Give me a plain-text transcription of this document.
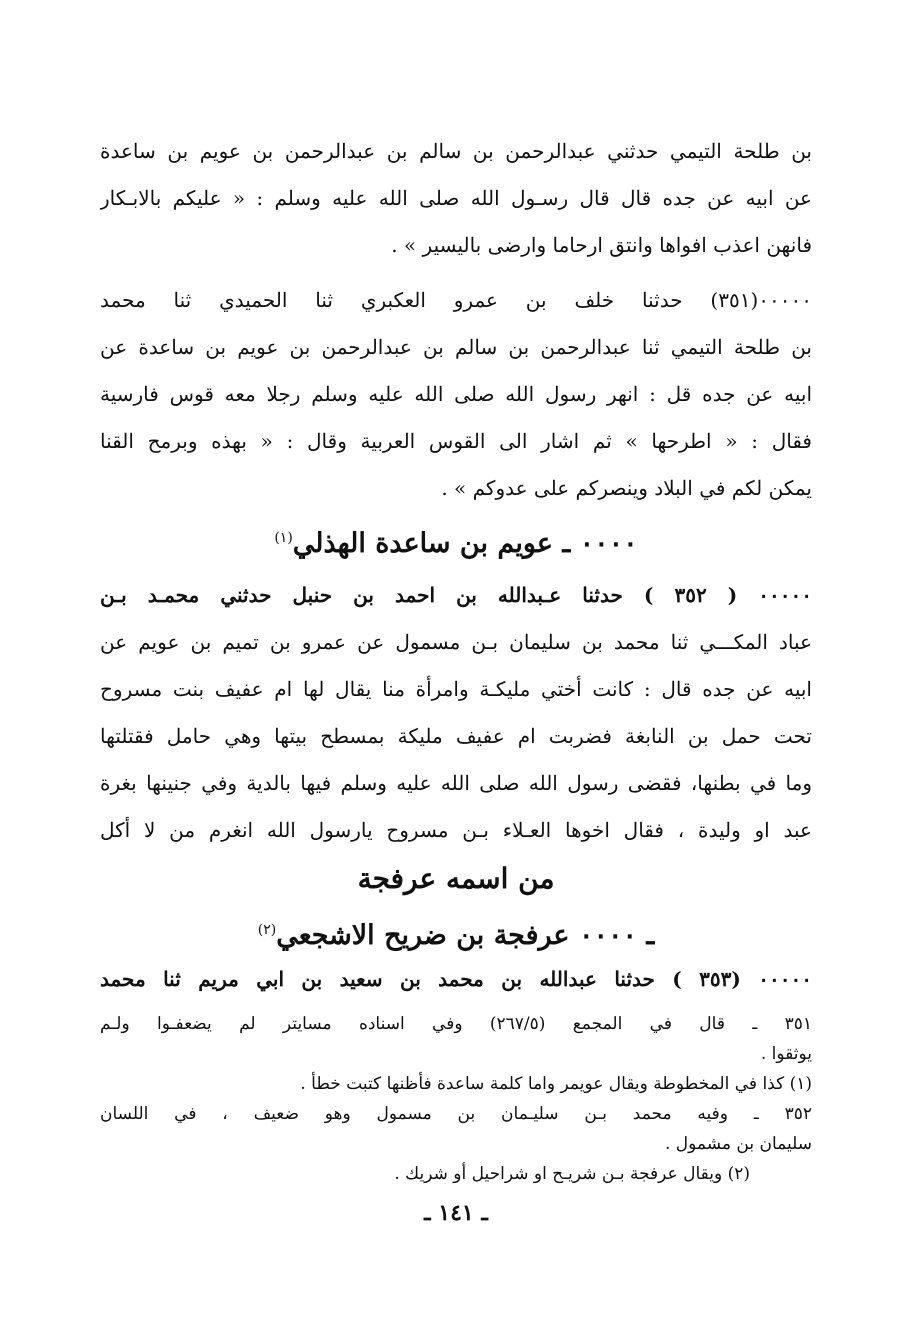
بن طلحة التيمي حدثني عبدالرحمن بن سالم بن عبدالرحمن بن عويم بن ساعدة
عن ابيه عن جده قال قال رسـول الله صلى الله عليه وسلم : « عليكم بالابـكار
فانهن اعذب افواها وانتق ارحاما وارضى باليسير » .
٠٠٠٠٠(٣٥١) حدثنا خلف بن عمرو العكبري ثنا الحميدي ثنا محمد
بن طلحة التيمي ثنا عبدالرحمن بن سالم بن عبدالرحمن بن عويم بن ساعدة عن
ابيه عن جده قل : انهر رسول الله صلى الله عليه وسلم رجلا معه قوس فارسية
فقال : « اطرحها » ثم اشار الى القوس العربية وقال : « بهذه وبرمح القنا
يمكن لكم في البلاد وينصركم على عدوكم » .
٠٠٠٠ ـ عويم بن ساعدة الهذلي$^{(١)}$
٠٠٠٠٠ ( ٣٥٢ ) حدثنا عـبدالله بن احمد بن حنبل حدثني محمـد بـن
عباد المكـــي ثنا محمد بن سليمان بـن مسمول عن عمرو بن تميم بن عويم عن
ابيه عن جده قال : كانت أختي مليكـة وامرأة منا يقال لها ام عفيف بنت مسروح
تحت حمل بن النابغة فضربت ام عفيف مليكة بمسطح بيتها وهي حامل فقتلتها
وما في بطنها، فقضى رسول الله صلى الله عليه وسلم فيها بالدية وفي جنينها بغرة
عبد او وليدة ، فقال اخوها العـلاء بـن مسروح يارسول الله انغرم من لا أكل
من اسمه عرفجة
ـ ٠٠٠٠ عرفجة بن ضريح الاشجعي$^{(٢)}$
٠٠٠٠٠ (٣٥٣ ) حدثنا عبدالله بن محمد بن سعيد بن ابي مريم ثنا محمد
٣٥١ ـ قال في المجمع (٢٦٧/٥) وفي اسناده مسايتر لم يضعفـوا ولـم
يوثقوا .
(١) كذا في المخطوطة ويقال عويمر واما كلمة ساعدة فأظنها كتبت خطأ .
٣٥٢ ـ وفيه محمد بـن سليـمان بن مسمول وهو ضعيف ، في اللسان
سليمان بن مشمول .
(٢) ويقال عرفجة بـن شريـح او شراحيل أو شريك .
ـ ١٤١ ـ
